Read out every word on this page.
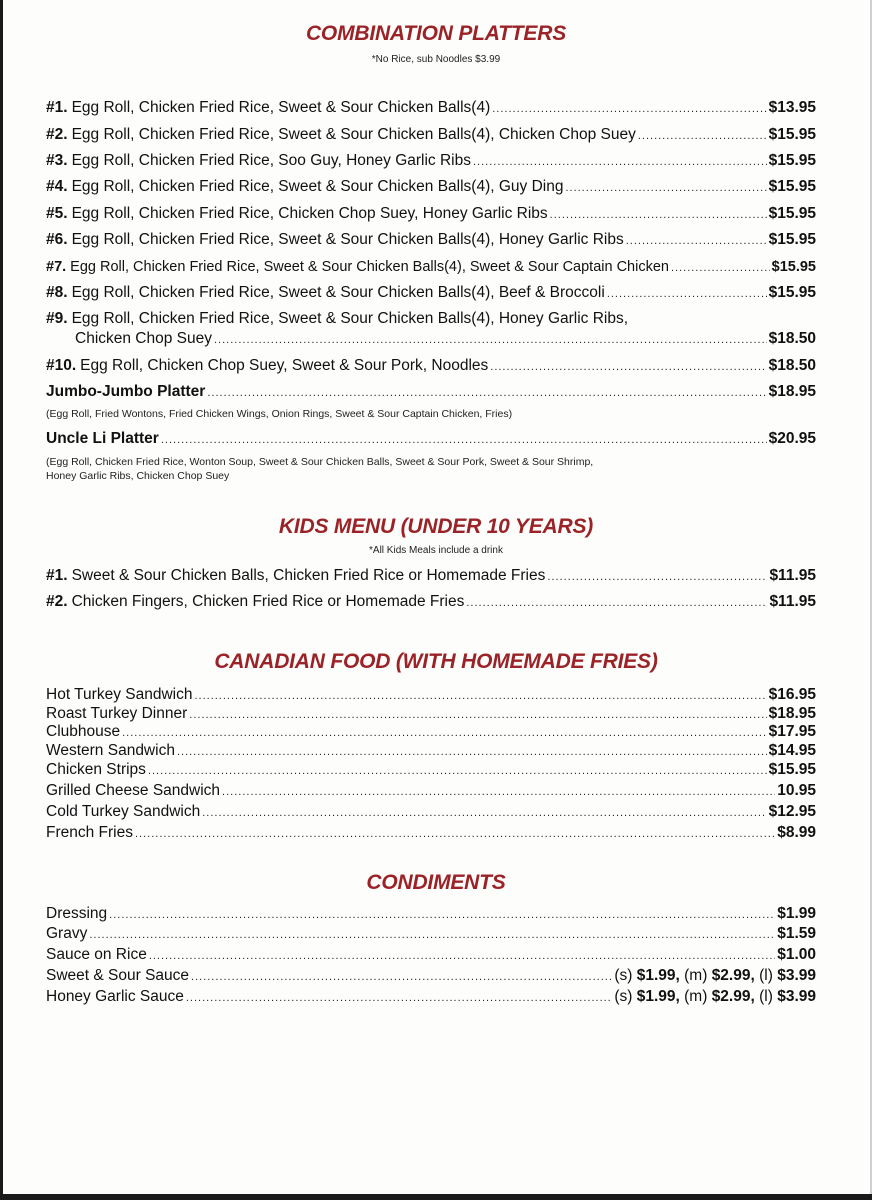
COMBINATION PLATTERS
*No Rice, sub Noodles $3.99
#1. Egg Roll, Chicken Fried Rice, Sweet & Sour Chicken Balls(4) .....	$13.95
#2. Egg Roll, Chicken Fried Rice, Sweet & Sour Chicken Balls(4), Chicken Chop Suey .....	$15.95
#3. Egg Roll, Chicken Fried Rice, Soo Guy, Honey Garlic Ribs .....	$15.95
#4. Egg Roll, Chicken Fried Rice, Sweet & Sour Chicken Balls(4), Guy Ding .....	$15.95
#5. Egg Roll, Chicken Fried Rice, Chicken Chop Suey, Honey Garlic Ribs .....	$15.95
#6. Egg Roll, Chicken Fried Rice, Sweet & Sour Chicken Balls(4), Honey Garlic Ribs .....	$15.95
#7. Egg Roll, Chicken Fried Rice, Sweet & Sour Chicken Balls(4), Sweet & Sour Captain Chicken .....	$15.95
#8. Egg Roll, Chicken Fried Rice, Sweet & Sour Chicken Balls(4), Beef & Broccoli .....	$15.95
#9. Egg Roll, Chicken Fried Rice, Sweet & Sour Chicken Balls(4), Honey Garlic Ribs,
Chicken Chop Suey .....	$18.50
#10. Egg Roll, Chicken Chop Suey, Sweet & Sour Pork, Noodles .....	$18.50
Jumbo-Jumbo Platter .....	$18.95
(Egg Roll, Fried Wontons, Fried Chicken Wings, Onion Rings, Sweet & Sour Captain Chicken, Fries)
Uncle Li Platter .....	$20.95
(Egg Roll, Chicken Fried Rice, Wonton Soup, Sweet & Sour Chicken Balls, Sweet & Sour Pork, Sweet & Sour Shrimp,
Honey Garlic Ribs, Chicken Chop Suey
KIDS MENU (UNDER 10 YEARS)
*All Kids Meals include a drink
#1. Sweet & Sour Chicken Balls, Chicken Fried Rice or Homemade Fries .....	$11.95
#2. Chicken Fingers, Chicken Fried Rice or Homemade Fries .....	$11.95
CANADIAN FOOD (WITH HOMEMADE FRIES)
Hot Turkey Sandwich .....	$16.95
Roast Turkey Dinner .....	$18.95
Clubhouse .....	$17.95
Western Sandwich .....	$14.95
Chicken Strips .....	$15.95
Grilled Cheese Sandwich .....	10.95
Cold Turkey Sandwich .....	$12.95
French Fries .....	$8.99
CONDIMENTS
Dressing .....	$1.99
Gravy .....	$1.59
Sauce on Rice .....	$1.00
Sweet & Sour Sauce .....	(s) $1.99, (m) $2.99, (l) $3.99
Honey Garlic Sauce .....	(s) $1.99, (m) $2.99, (l) $3.99
